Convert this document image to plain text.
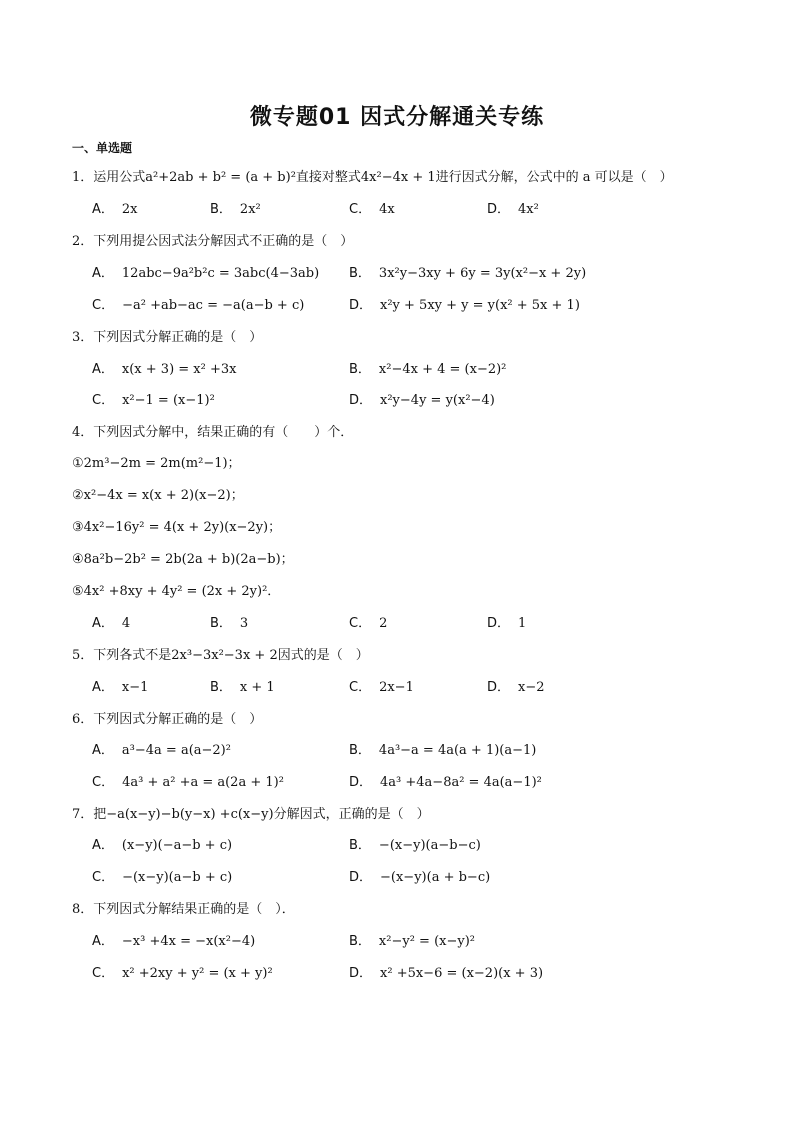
微专题01 因式分解通关专练
一、单选题
1．运用公式a²+2ab + b² = (a + b)²直接对整式4x²−4x + 1进行因式分解，公式中的 a 可以是（　）
A． 2x	B． 2x²	C． 4x	D． 4x²
2．下列用提公因式法分解因式不正确的是（　）
A． 12abc−9a²b²c = 3abc(4−3ab) B． 3x²y−3xy + 6y = 3y(x²−x + 2y)
C． −a² +ab−ac = −a(a−b + c)	D． x²y + 5xy + y = y(x² + 5x + 1)
3．下列因式分解正确的是（　）
A． x(x + 3) = x² +3x	B． x²−4x + 4 = (x−2)²
C． x²−1 = (x−1)²	D． x²y−4y = y(x²−4)
4．下列因式分解中，结果正确的有（　　）个．
①2m³−2m = 2m(m²−1)；
②x²−4x = x(x + 2)(x−2)；
③4x²−16y² = 4(x + 2y)(x−2y)；
④8a²b−2b² = 2b(2a + b)(2a−b)；
⑤4x² +8xy + 4y² = (2x + 2y)²．
A． 4	B． 3	C． 2	D． 1
5．下列各式不是2x³−3x²−3x + 2因式的是（　）
A． x−1	B． x + 1	C． 2x−1	D． x−2
6．下列因式分解正确的是（　）
A． a³−4a = a(a−2)²	B． 4a³−a = 4a(a + 1)(a−1)
C． 4a³ + a² +a = a(2a + 1)²	D． 4a³ +4a−8a² = 4a(a−1)²
7．把−a(x−y)−b(y−x) +c(x−y)分解因式，正确的是（　）
A． (x−y)(−a−b + c)	B． −(x−y)(a−b−c)
C． −(x−y)(a−b + c)	D． −(x−y)(a + b−c)
8．下列因式分解结果正确的是（　）．
A． −x³ +4x = −x(x²−4)	B． x²−y² = (x−y)²
C． x² +2xy + y² = (x + y)²	D． x² +5x−6 = (x−2)(x + 3)
